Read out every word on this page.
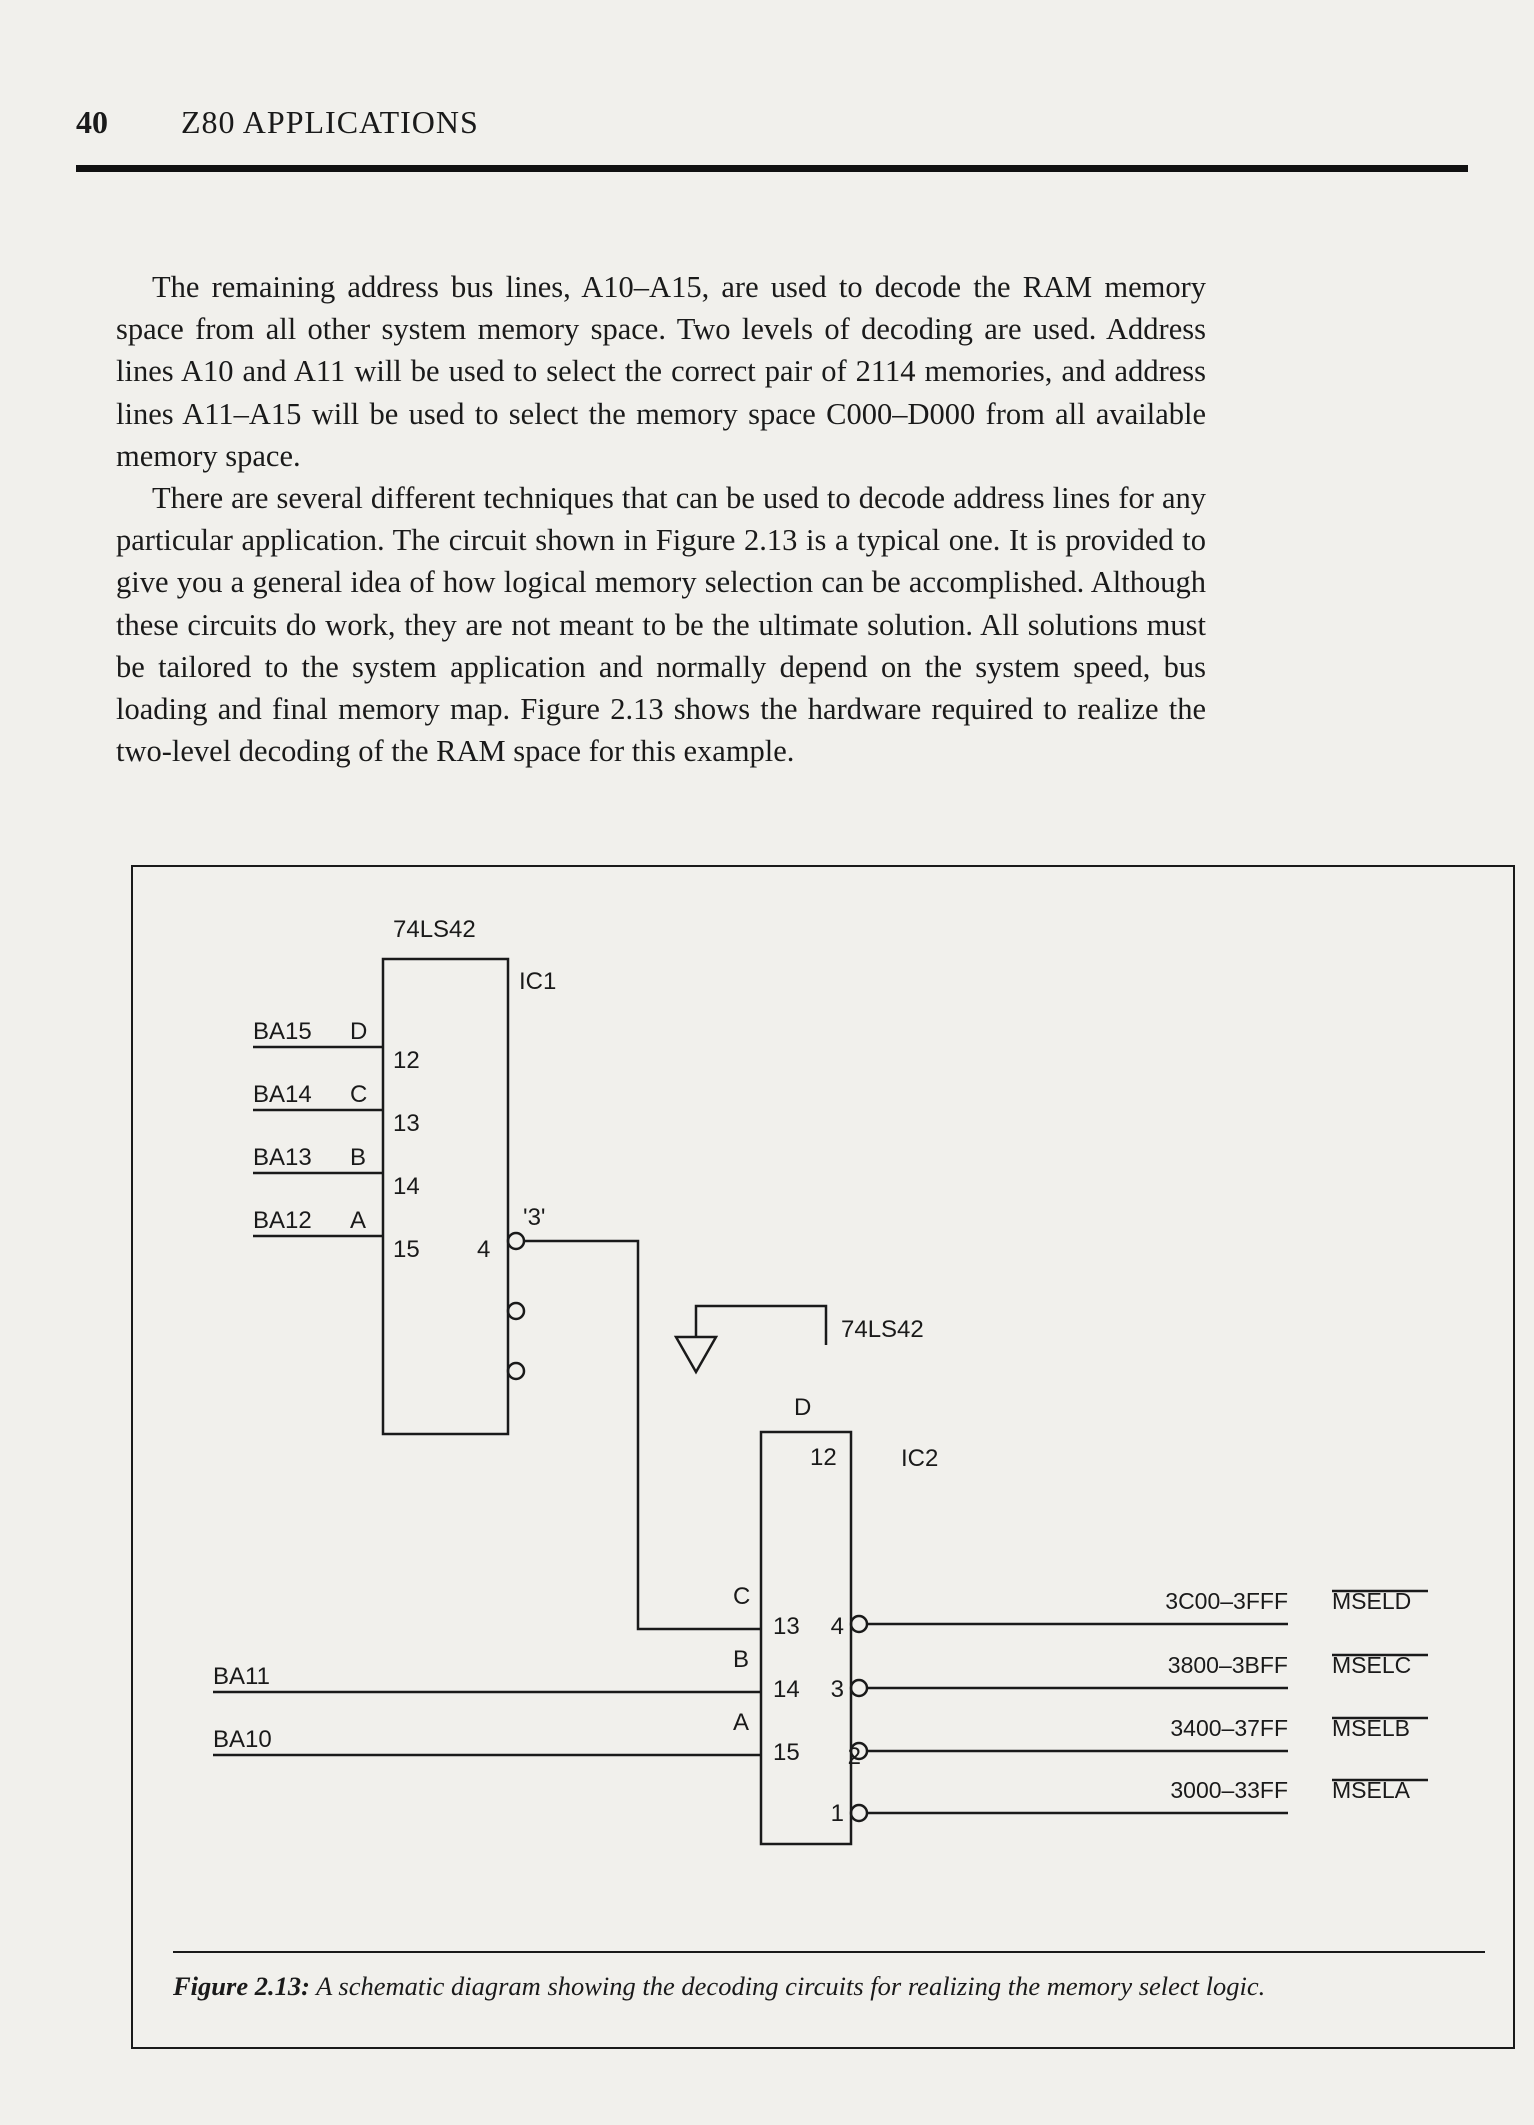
40 Z80 APPLICATIONS

The remaining address bus lines, A10–A15, are used to decode the RAM memory space from all other system memory space. Two levels of decoding are used. Address lines A10 and A11 will be used to select the correct pair of 2114 memories, and address lines A11–A15 will be used to select the memory space C000–D000 from all available memory space.

There are several different techniques that can be used to decode address lines for any particular application. The circuit shown in Figure 2.13 is a typical one. It is provided to give you a general idea of how logical memory selection can be accomplished. Although these circuits do work, they are not meant to be the ultimate solution. All solutions must be tailored to the system application and normally depend on the system speed, bus loading and final memory map. Figure 2.13 shows the hardware required to realize the two-level decoding of the RAM space for this example.

74LS42
IC1
BA15 D
12
BA14 C
13
BA13 B
14
BA12 A
15 4
'3'
74LS42
IC2
D
12
C
13
BA11
B
14
BA10
A
15 2
4
3
1
3C00–3FFF MSELD
3800–3BFF MSELC
3400–37FF MSELB
3000–33FF MSELA
Figure 2.13: A schematic diagram showing the decoding circuits for realizing the memory select logic.
